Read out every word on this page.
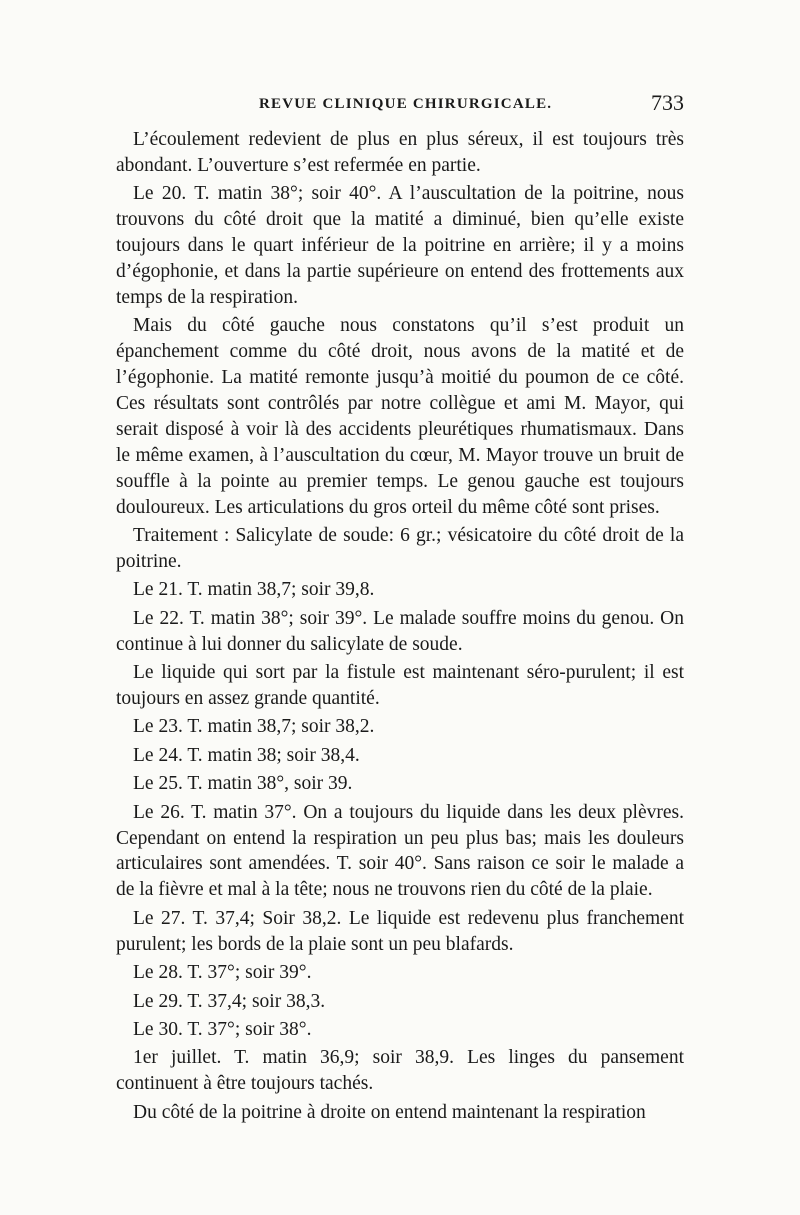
REVUE CLINIQUE CHIRURGICALE.	733

L’écoulement redevient de plus en plus séreux, il est toujours très abondant. L’ouverture s’est refermée en partie.

Le 20. T. matin 38°; soir 40°. A l’auscultation de la poitrine, nous trouvons du côté droit que la matité a diminué, bien qu’elle existe toujours dans le quart inférieur de la poitrine en arrière; il y a moins d’égophonie, et dans la partie supérieure on entend des frottements aux temps de la respiration.

Mais du côté gauche nous constatons qu’il s’est produit un épanchement comme du côté droit, nous avons de la matité et de l’égophonie. La matité remonte jusqu’à moitié du poumon de ce côté. Ces résultats sont contrôlés par notre collègue et ami M. Mayor, qui serait disposé à voir là des accidents pleurétiques rhumatismaux. Dans le même examen, à l’auscultation du cœur, M. Mayor trouve un bruit de souffle à la pointe au premier temps. Le genou gauche est toujours douloureux. Les articulations du gros orteil du même côté sont prises.

Traitement : Salicylate de soude: 6 gr.; vésicatoire du côté droit de la poitrine.

Le 21. T. matin 38,7; soir 39,8.

Le 22. T. matin 38°; soir 39°. Le malade souffre moins du genou. On continue à lui donner du salicylate de soude.

Le liquide qui sort par la fistule est maintenant séro-purulent; il est toujours en assez grande quantité.

Le 23. T. matin 38,7; soir 38,2.

Le 24. T. matin 38; soir 38,4.

Le 25. T. matin 38°, soir 39.

Le 26. T. matin 37°. On a toujours du liquide dans les deux plèvres. Cependant on entend la respiration un peu plus bas; mais les douleurs articulaires sont amendées. T. soir 40°. Sans raison ce soir le malade a de la fièvre et mal à la tête; nous ne trouvons rien du côté de la plaie.

Le 27. T. 37,4; Soir 38,2. Le liquide est redevenu plus franchement purulent; les bords de la plaie sont un peu blafards.

Le 28. T. 37°; soir 39°.

Le 29. T. 37,4; soir 38,3.

Le 30. T. 37°; soir 38°.

1er juillet. T. matin 36,9; soir 38,9. Les linges du pansement continuent à être toujours tachés.

Du côté de la poitrine à droite on entend maintenant la respiration
